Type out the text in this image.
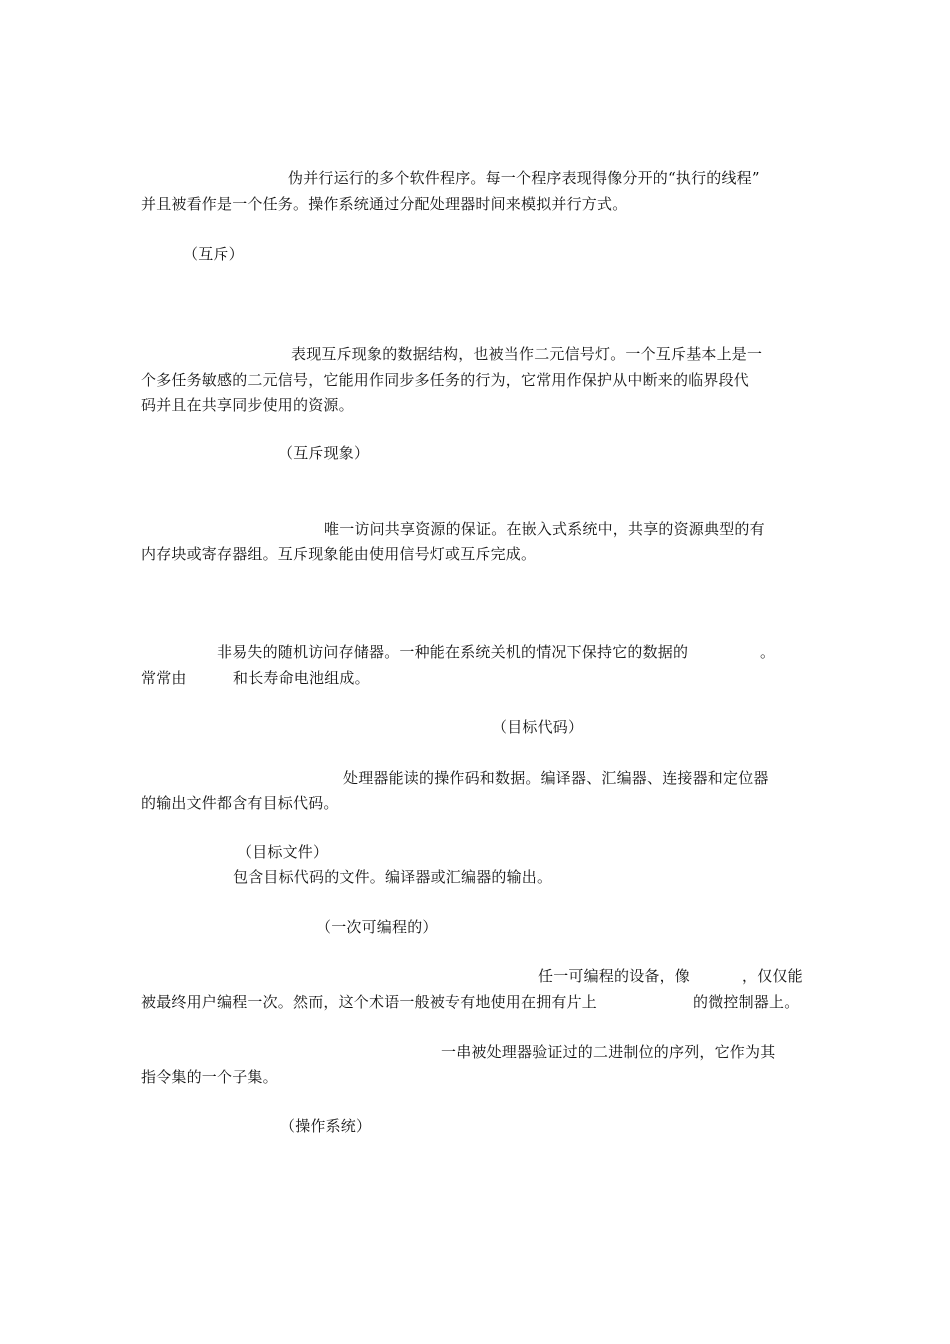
伪并行运行的多个软件程序。每一个程序表现得像分开的“执行的线程”
并且被看作是一个任务。操作系统通过分配处理器时间来模拟并行方式。
（互斥）
表现互斥现象的数据结构，也被当作二元信号灯。一个互斥基本上是一
个多任务敏感的二元信号，它能用作同步多任务的行为，它常用作保护从中断来的临界段代
码并且在共享同步使用的资源。
（互斥现象）
唯一访问共享资源的保证。在嵌入式系统中，共享的资源典型的有
内存块或寄存器组。互斥现象能由使用信号灯或互斥完成。
非易失的随机访问存储器。一种能在系统关机的情况下保持它的数据的	。
常常由	和长寿命电池组成。
（目标代码）
处理器能读的操作码和数据。编译器、汇编器、连接器和定位器
的输出文件都含有目标代码。
（目标文件）
包含目标代码的文件。编译器或汇编器的输出。
（一次可编程的）
任一可编程的设备，像	，仅仅能
被最终用户编程一次。然而，这个术语一般被专有地使用在拥有片上	的微控制器上。
一串被处理器验证过的二进制位的序列，它作为其
指令集的一个子集。
（操作系统）
